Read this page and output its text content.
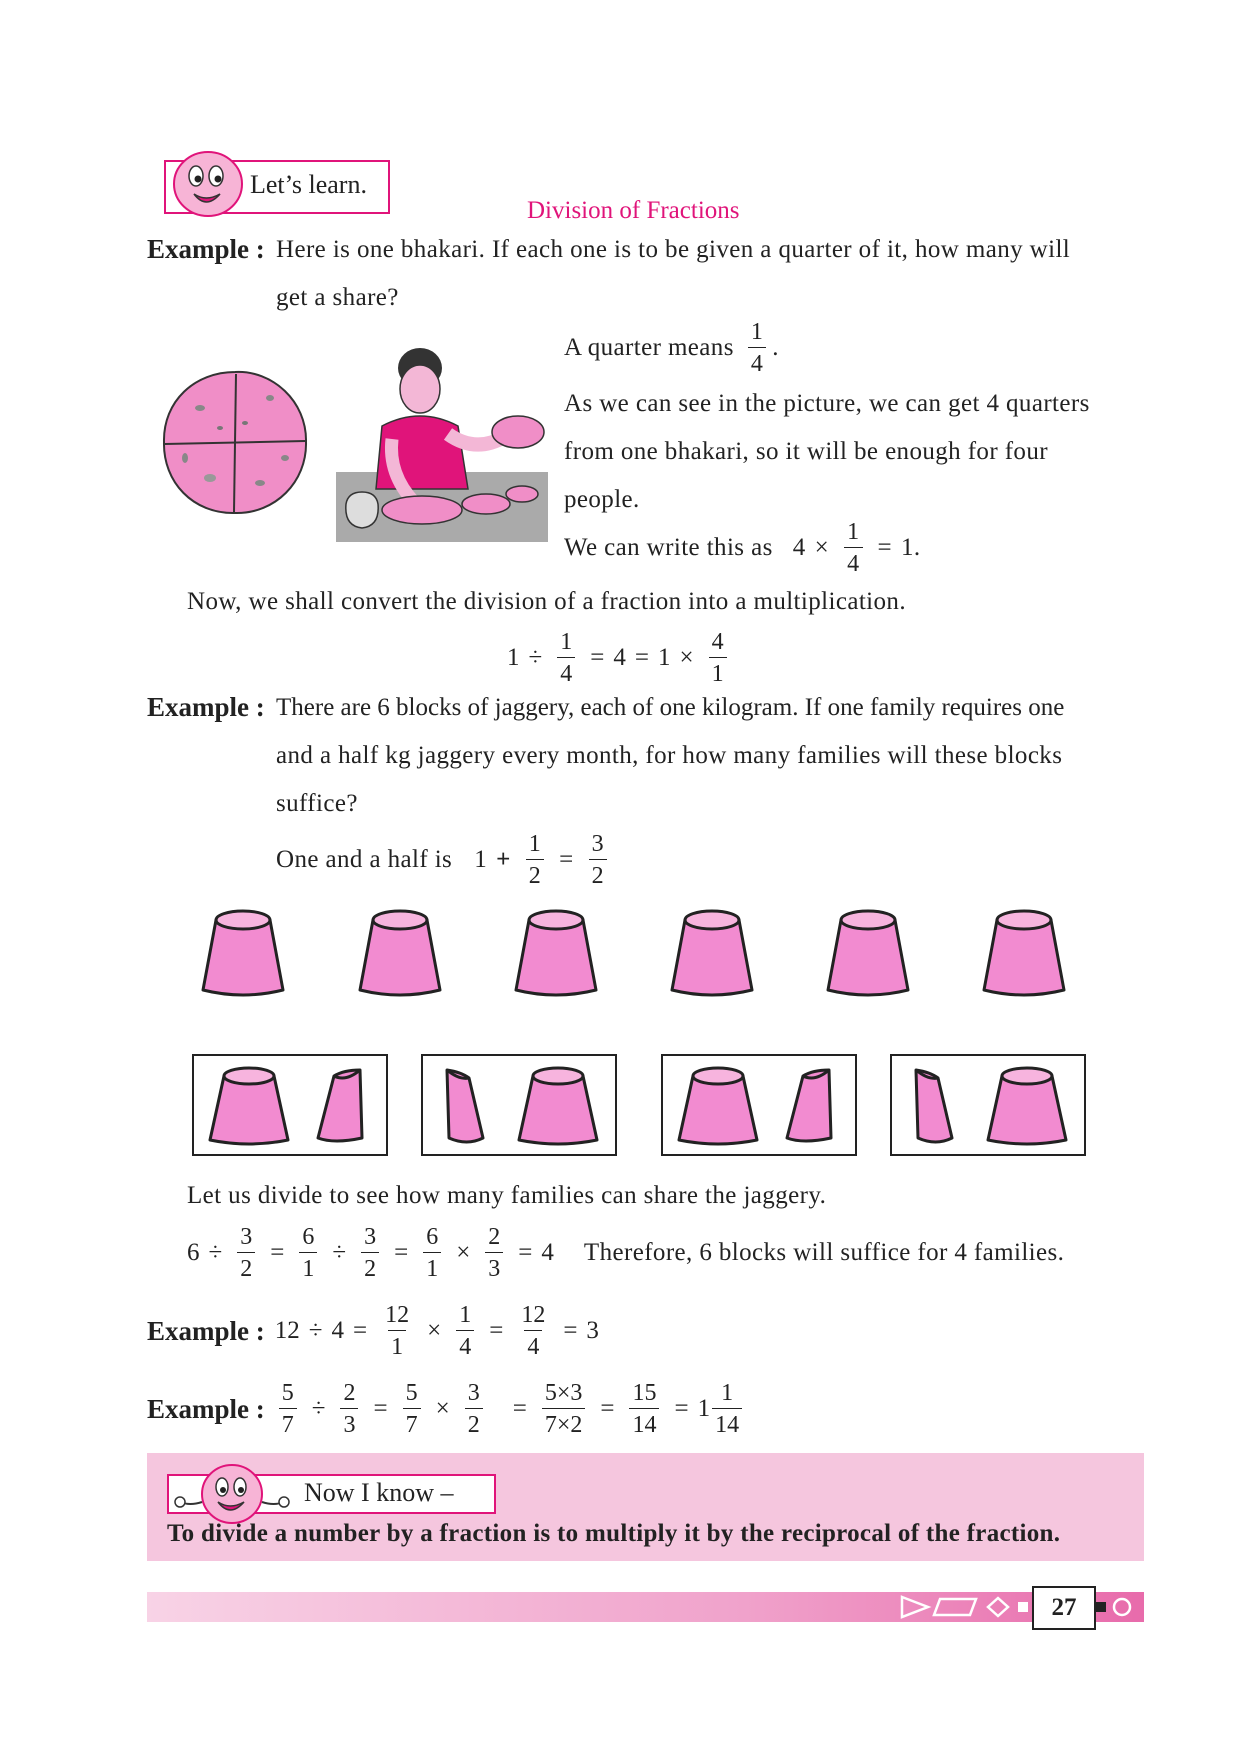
Let’s learn.
Division of Fractions
Example : Here is one bhakari. If each one is to be given a quarter of it, how many will
get a share?
A quarter means $\frac{1}{4}$ .
As we can see in the picture, we can get 4 quarters
from one bhakari, so it will be enough for four
people.
We can write this as $4 \times \frac{1}{4} = 1$.
Now, we shall convert the division of a fraction into a multiplication.
$1 \div \frac{1}{4} = 4 = 1 \times \frac{4}{1}$
Example : There are 6 blocks of jaggery, each of one kilogram. If one family requires one
and a half kg jaggery every month, for how many families will these blocks
suffice?
One and a half is $1 + \frac{1}{2} = \frac{3}{2}$
Let us divide to see how many families can share the jaggery.
$6 \div \frac{3}{2} = \frac{6}{1} \div \frac{3}{2} = \frac{6}{1} \times \frac{2}{3} = 4$ Therefore, 6 blocks will suffice for 4 families.
Example : $12 \div 4 = \frac{12}{1} \times \frac{1}{4} = \frac{12}{4} = 3$
Example : $\frac{5}{7} \div \frac{2}{3} = \frac{5}{7} \times \frac{3}{2} = \frac{5\times 3}{7\times 2} = \frac{15}{14} = 1 \frac{1}{14}$
Now I know –
To divide a number by a fraction is to multiply it by the reciprocal of the fraction.
27
